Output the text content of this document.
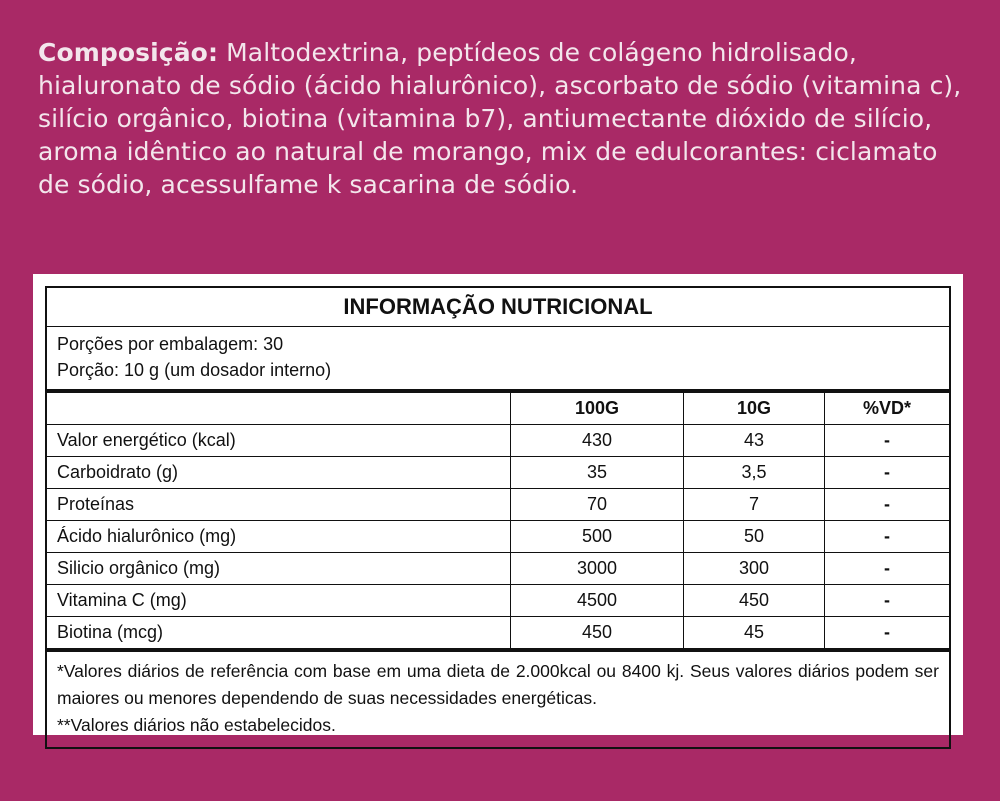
Composição: Maltodextrina, peptídeos de colágeno hidrolisado, hialuronato de sódio (ácido hialurônico), ascorbato de sódio (vitamina c), silício orgânico, biotina (vitamina b7), antiumectante dióxido de silício, aroma idêntico ao natural de morango, mix de edulcorantes: ciclamato de sódio, acessulfame k sacarina de sódio.
INFORMAÇÃO NUTRICIONAL
Porções por embalagem: 30
Porção: 10 g (um dosador interno)
	100G	10G	%VD*
Valor energético (kcal)	430	43	-
Carboidrato (g)	35	3,5	-
Proteínas	70	7	-
Ácido hialurônico (mg)	500	50	-
Silicio orgânico (mg)	3000	300	-
Vitamina C (mg)	4500	450	-
Biotina (mcg)	450	45	-
*Valores diários de referência com base em uma dieta de 2.000kcal ou 8400 kj. Seus valores diários podem ser maiores ou menores dependendo de suas necessidades energéticas.
**Valores diários não estabelecidos.
